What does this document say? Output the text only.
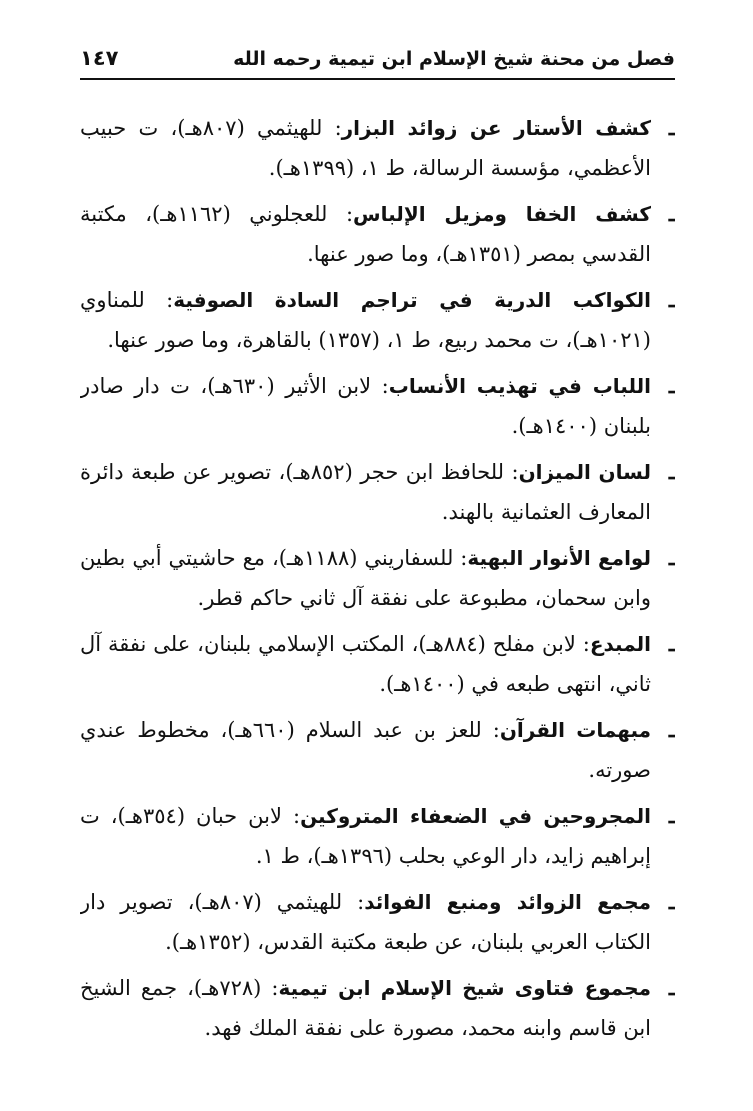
فصل من محنة شيخ الإسلام ابن تيمية رحمه الله
١٤٧
ـ
كشف الأستار عن زوائد البزار: للهيثمي (٨٠٧هـ)، ت حبيب الأعظمي، مؤسسة الرسالة، ط ١، (١٣٩٩هـ).
ـ
كشف الخفا ومزيل الإلباس: للعجلوني (١١٦٢هـ)، مكتبة القدسي بمصر (١٣٥١هـ)، وما صور عنها.
ـ
الكواكب الدرية في تراجم السادة الصوفية: للمناوي (١٠٢١هـ)، ت محمد ربيع، ط ١، (١٣٥٧) بالقاهرة، وما صور عنها.
ـ
اللباب في تهذيب الأنساب: لابن الأثير (٦٣٠هـ)، ت دار صادر بلبنان (١٤٠٠هـ).
ـ
لسان الميزان: للحافظ ابن حجر (٨٥٢هـ)، تصوير عن طبعة دائرة المعارف العثمانية بالهند.
ـ
لوامع الأنوار البهية: للسفاريني (١١٨٨هـ)، مع حاشيتي أبي بطين وابن سحمان، مطبوعة على نفقة آل ثاني حاكم قطر.
ـ
المبدع: لابن مفلح (٨٨٤هـ)، المكتب الإسلامي بلبنان، على نفقة آل ثاني، انتهى طبعه في (١٤٠٠هـ).
ـ
مبهمات القرآن: للعز بن عبد السلام (٦٦٠هـ)، مخطوط عندي صورته.
ـ
المجروحين في الضعفاء المتروكين: لابن حبان (٣٥٤هـ)، ت إبراهيم زايد، دار الوعي بحلب (١٣٩٦هـ)، ط ١.
ـ
مجمع الزوائد ومنبع الفوائد: للهيثمي (٨٠٧هـ)، تصوير دار الكتاب العربي بلبنان، عن طبعة مكتبة القدس، (١٣٥٢هـ).
ـ
مجموع فتاوى شيخ الإسلام ابن تيمية: (٧٢٨هـ)، جمع الشيخ ابن قاسم وابنه محمد، مصورة على نفقة الملك فهد.
